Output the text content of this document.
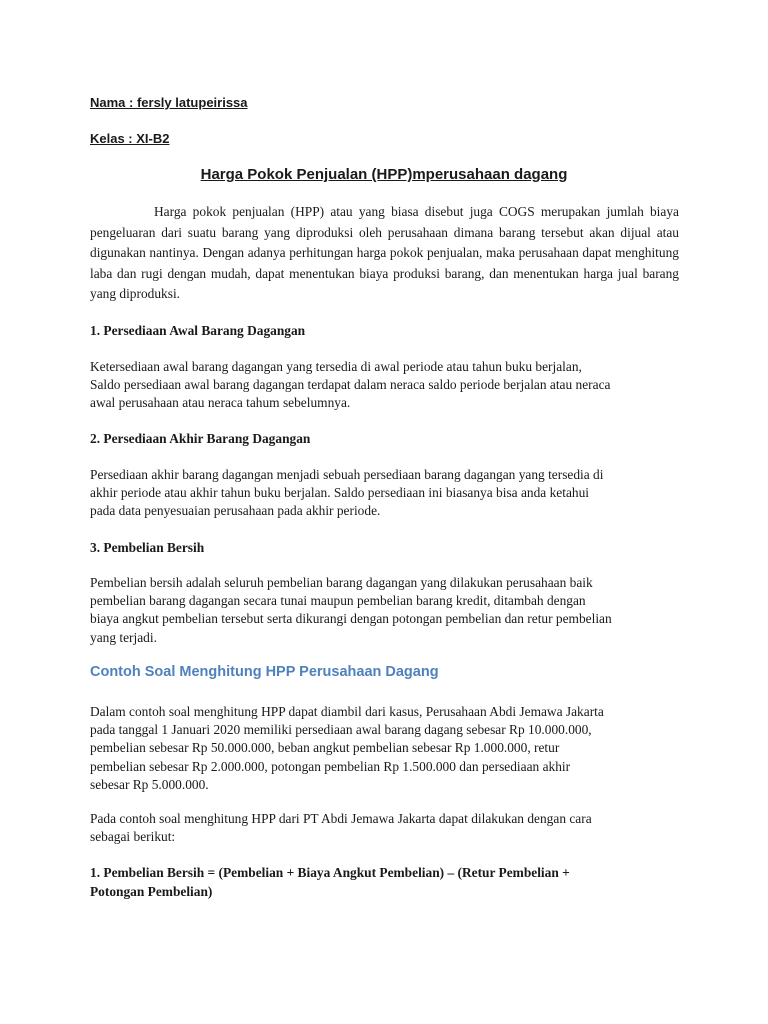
Nama : fersly latupeirissa
Kelas : XI-B2
Harga Pokok Penjualan (HPP)mperusahaan dagang

Harga pokok penjualan (HPP) atau yang biasa disebut juga COGS merupakan jumlah biaya pengeluaran dari suatu barang yang diproduksi oleh perusahaan dimana barang tersebut akan dijual atau digunakan nantinya. Dengan adanya perhitungan harga pokok penjualan, maka perusahaan dapat menghitung laba dan rugi dengan mudah, dapat menentukan biaya produksi barang, dan menentukan harga jual barang yang diproduksi.

1. Persediaan Awal Barang Dagangan
Ketersediaan awal barang dagangan yang tersedia di awal periode atau tahun buku berjalan,
Saldo persediaan awal barang dagangan terdapat dalam neraca saldo periode berjalan atau neraca
awal perusahaan atau neraca tahum sebelumnya.
2. Persediaan Akhir Barang Dagangan
Persediaan akhir barang dagangan menjadi sebuah persediaan barang dagangan yang tersedia di
akhir periode atau akhir tahun buku berjalan. Saldo persediaan ini biasanya bisa anda ketahui
pada data penyesuaian perusahaan pada akhir periode.
3. Pembelian Bersih
Pembelian bersih adalah seluruh pembelian barang dagangan yang dilakukan perusahaan baik
pembelian barang dagangan secara tunai maupun pembelian barang kredit, ditambah dengan
biaya angkut pembelian tersebut serta dikurangi dengan potongan pembelian dan retur pembelian
yang terjadi.
Contoh Soal Menghitung HPP Perusahaan Dagang
Dalam contoh soal menghitung HPP dapat diambil dari kasus, Perusahaan Abdi Jemawa Jakarta
pada tanggal 1 Januari 2020 memiliki persediaan awal barang dagang sebesar Rp 10.000.000,
pembelian sebesar Rp 50.000.000, beban angkut pembelian sebesar Rp 1.000.000, retur
pembelian sebesar Rp 2.000.000, potongan pembelian Rp 1.500.000 dan persediaan akhir
sebesar Rp 5.000.000.
Pada contoh soal menghitung HPP dari PT Abdi Jemawa Jakarta dapat dilakukan dengan cara
sebagai berikut:
1. Pembelian Bersih = (Pembelian + Biaya Angkut Pembelian) – (Retur Pembelian +
Potongan Pembelian)
